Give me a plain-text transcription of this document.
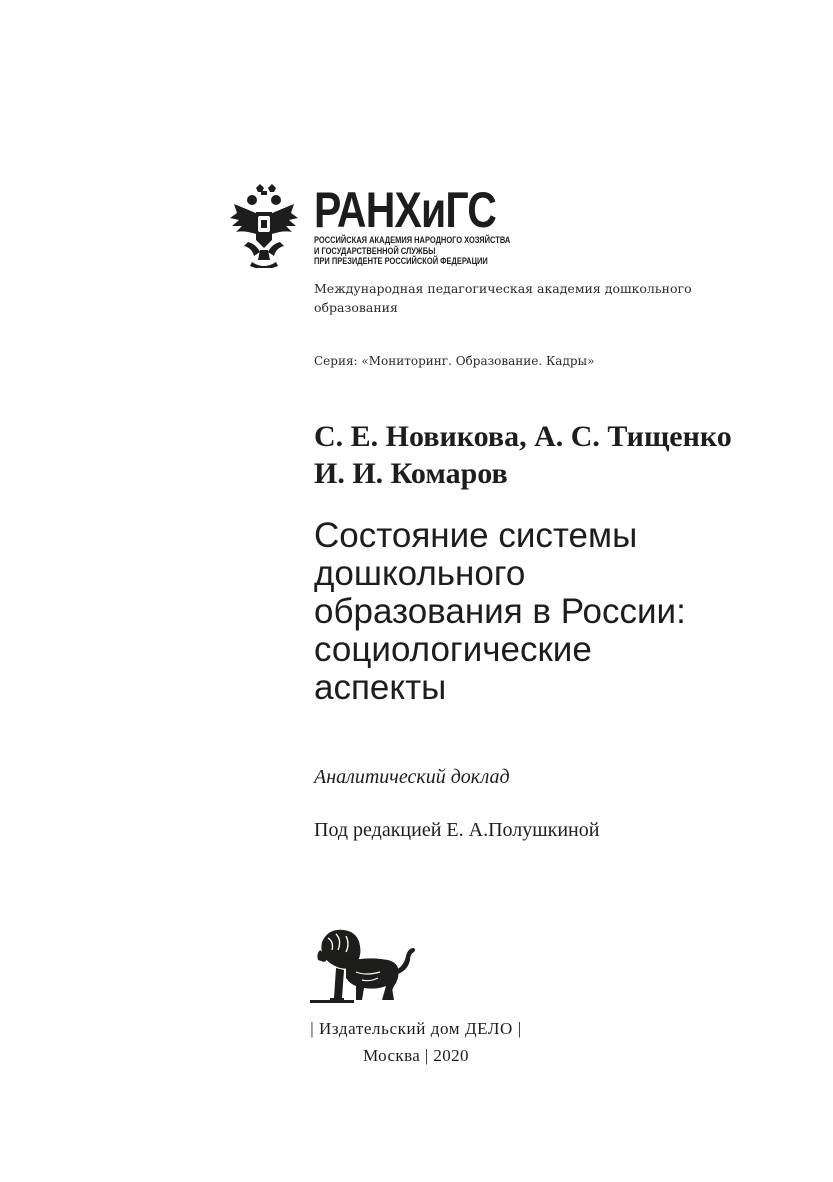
РАНХиГС
РОССИЙСКАЯ АКАДЕМИЯ НАРОДНОГО ХОЗЯЙСТВА
И ГОСУДАРСТВЕННОЙ СЛУЖБЫ
ПРИ ПРЕЗИДЕНТЕ РОССИЙСКОЙ ФЕДЕРАЦИИ
Международная педагогическая академия дошкольного образования
Серия: «Мониторинг. Образование. Кадры»
С. Е. Новикова, А. С. Тищенко
И. И. Комаров
Состояние системы
дошкольного
образования в России:
социологические
аспекты
Аналитический доклад
Под редакцией Е. А.Полушкиной
| Издательский дом ДЕЛО |
Москва | 2020
